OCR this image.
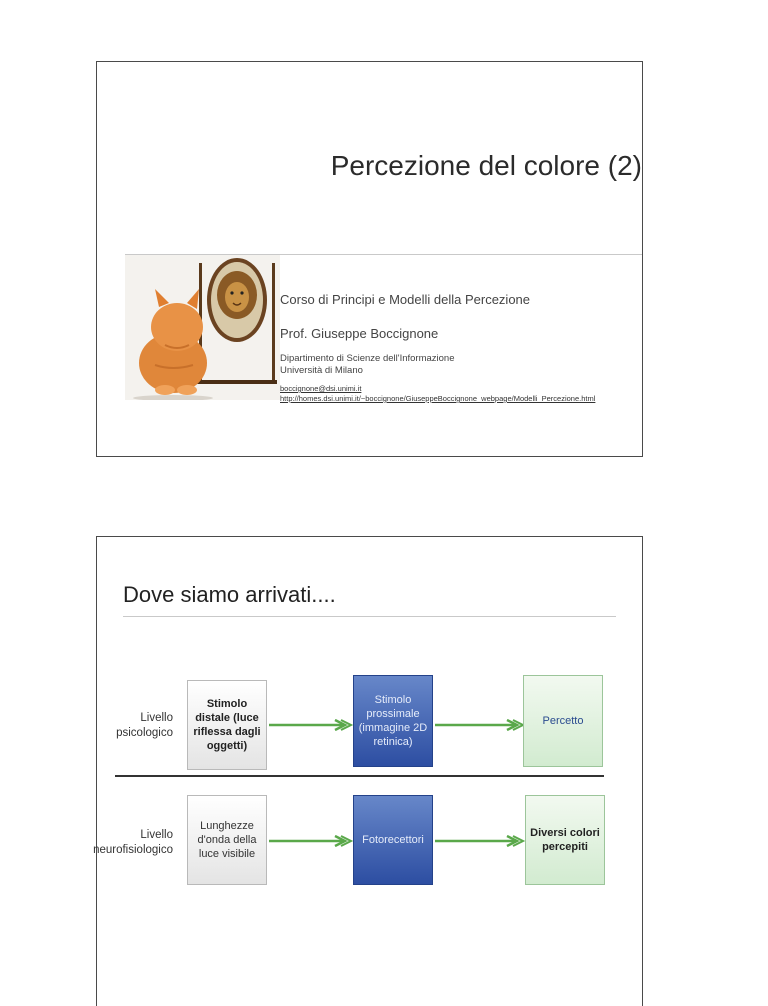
Percezione del colore (2)
Corso di Principi e Modelli della Percezione
Prof. Giuseppe Boccignone
Dipartimento di Scienze dell'Informazione
Università di Milano
boccignone@dsi.unimi.it
http://homes.dsi.unimi.it/~boccignone/GiuseppeBoccignone_webpage/Modelli_Percezione.html
Dove siamo arrivati....
Livello
psicologico
Stimolo distale (luce riflessa dagli oggetti)
Stimolo prossimale (immagine 2D retinica)
Percetto
Livello
neurofisiologico
Lunghezze d'onda della luce visibile
Fotorecettori
Diversi colori percepiti
